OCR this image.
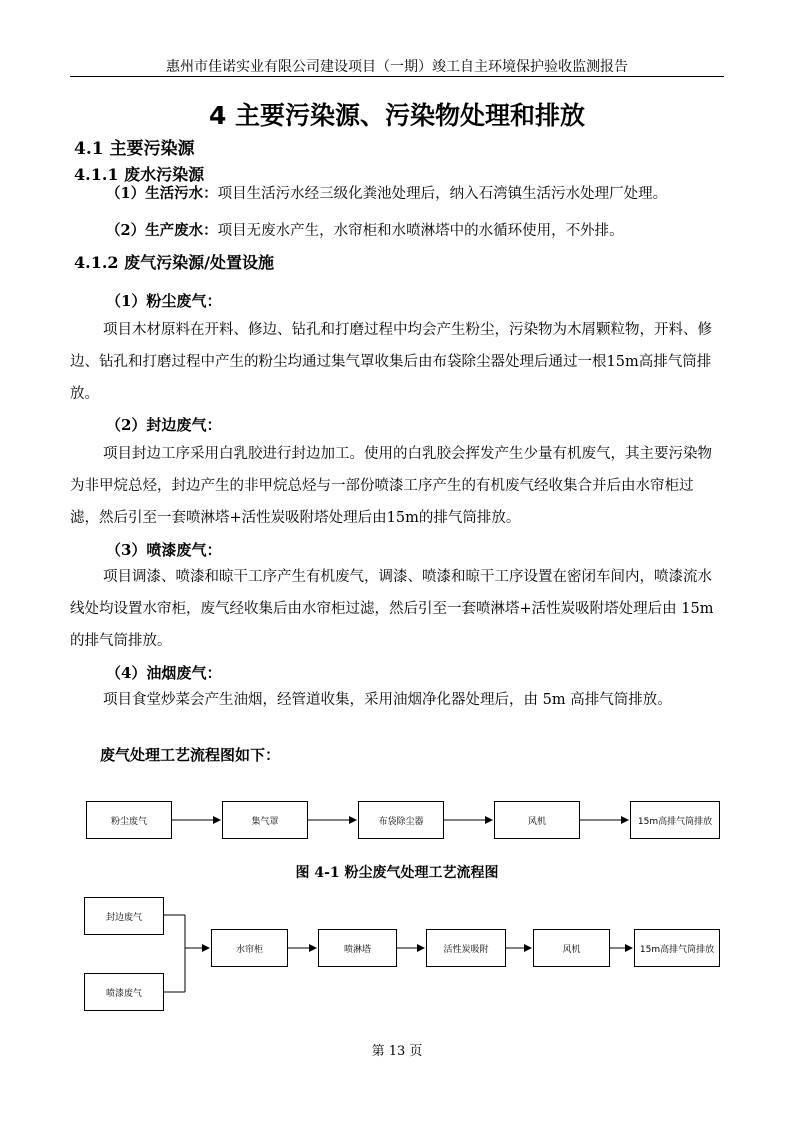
惠州市佳诺实业有限公司建设项目（一期）竣工自主环境保护验收监测报告
4 主要污染源、污染物处理和排放
4.1 主要污染源
4.1.1 废水污染源
（1）生活污水：项目生活污水经三级化粪池处理后，纳入石湾镇生活污水处理厂处理。
（2）生产废水：项目无废水产生，水帘柜和水喷淋塔中的水循环使用，不外排。
4.1.2 废气污染源/处置设施
（1）粉尘废气：
项目木材原料在开料、修边、钻孔和打磨过程中均会产生粉尘，污染物为木屑颗粒物，开料、修边、钻孔和打磨过程中产生的粉尘均通过集气罩收集后由布袋除尘器处理后通过一根15m高排气筒排放。
（2）封边废气：
项目封边工序采用白乳胶进行封边加工。使用的白乳胶会挥发产生少量有机废气，其主要污染物为非甲烷总烃，封边产生的非甲烷总烃与一部份喷漆工序产生的有机废气经收集合并后由水帘柜过滤，然后引至一套喷淋塔+活性炭吸附塔处理后由15m的排气筒排放。
（3）喷漆废气：
项目调漆、喷漆和晾干工序产生有机废气，调漆、喷漆和晾干工序设置在密闭车间内，喷漆流水线处均设置水帘柜，废气经收集后由水帘柜过滤，然后引至一套喷淋塔+活性炭吸附塔处理后由 15m 的排气筒排放。
（4）油烟废气：
项目食堂炒菜会产生油烟，经管道收集，采用油烟净化器处理后，由 5m 高排气筒排放。
废气处理工艺流程图如下：
粉尘废气	集气罩	布袋除尘器	风机	15m高排气筒排放
图 4-1 粉尘废气处理工艺流程图
封边废气
喷漆废气
水帘柜	喷淋塔	活性炭吸附	风机	15m高排气筒排放
第 13 页
